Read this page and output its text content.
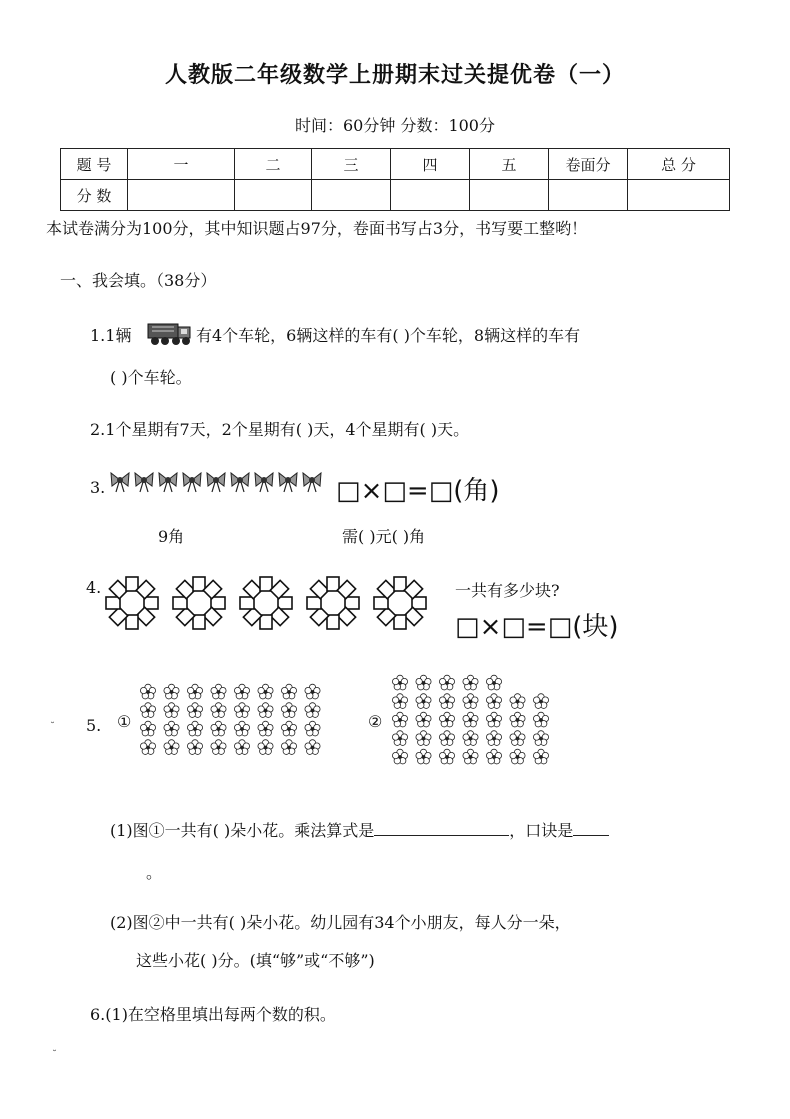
人教版二年级数学上册期末过关提优卷（一）
时间：60分钟 分数：100分
题 号	一	二	三	四	五	卷面分	总 分
分 数							
本试卷满分为100分，其中知识题占97分，卷面书写占3分，书写要工整哟！
一、我会填。（38分）
1.1辆	有4个车轮，6辆这样的车有( )个车轮，8辆这样的车有
( )个车轮。
2.1个星期有7天，2个星期有( )天，4个星期有( )天。
3.	□×□=□(角)
9角	需( )元( )角
4.	一共有多少块?
□×□=□(块)
˘ 5. ①	②
(1)图①一共有( )朵小花。乘法算式是	，口诀是
。
(2)图②中一共有( )朵小花。幼儿园有34个小朋友，每人分一朵，
这些小花( )分。(填“够”或“不够”)
6.(1)在空格里填出每两个数的积。
˘
